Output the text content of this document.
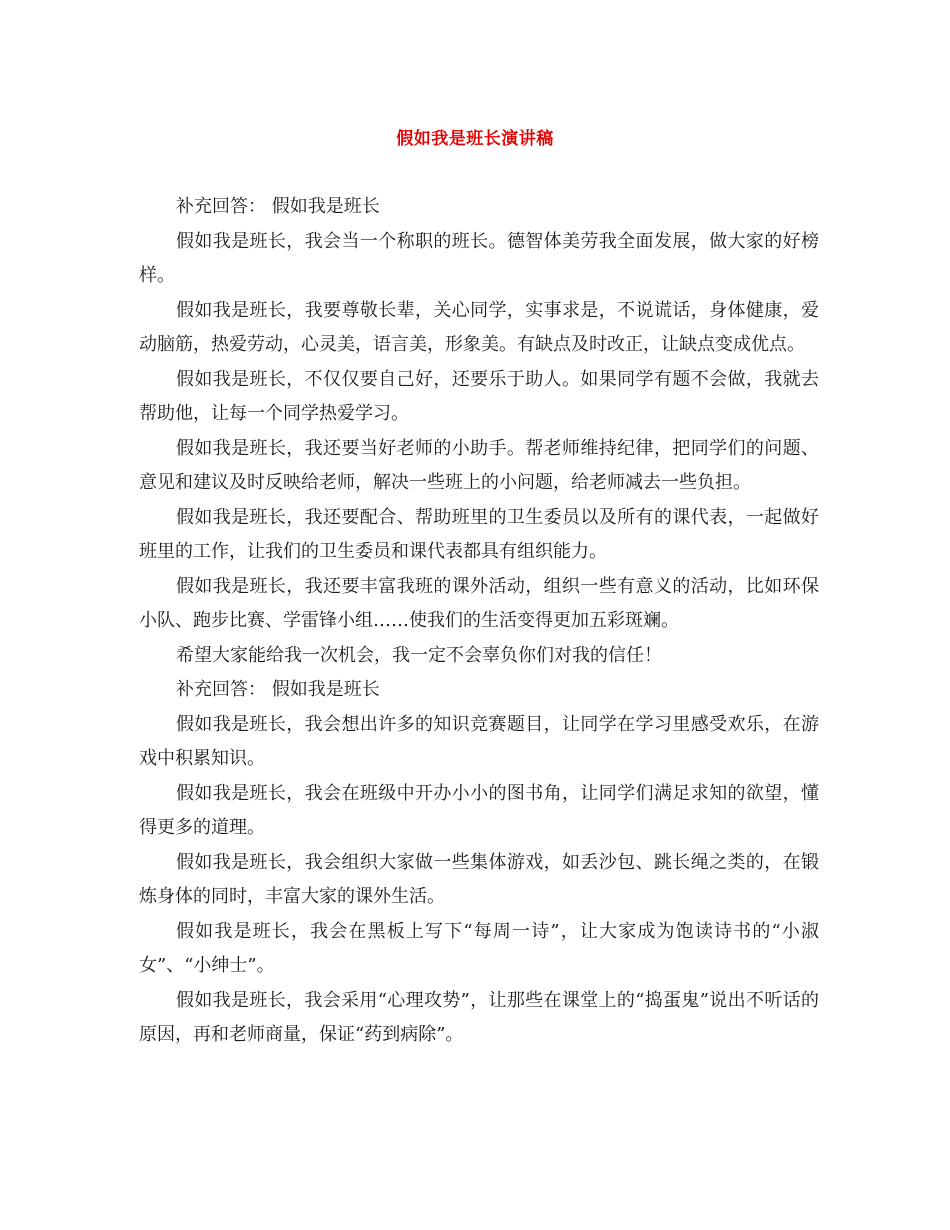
假如我是班长演讲稿

补充回答： 假如我是班长

假如我是班长，我会当一个称职的班长。德智体美劳我全面发展，做大家的好榜样。

假如我是班长，我要尊敬长辈，关心同学，实事求是，不说谎话，身体健康，爱动脑筋，热爱劳动，心灵美，语言美，形象美。有缺点及时改正，让缺点变成优点。

假如我是班长，不仅仅要自己好，还要乐于助人。如果同学有题不会做，我就去帮助他，让每一个同学热爱学习。

假如我是班长，我还要当好老师的小助手。帮老师维持纪律，把同学们的问题、意见和建议及时反映给老师，解决一些班上的小问题，给老师减去一些负担。

假如我是班长，我还要配合、帮助班里的卫生委员以及所有的课代表，一起做好班里的工作，让我们的卫生委员和课代表都具有组织能力。

假如我是班长，我还要丰富我班的课外活动，组织一些有意义的活动，比如环保小队、跑步比赛、学雷锋小组……使我们的生活变得更加五彩斑斓。

希望大家能给我一次机会，我一定不会辜负你们对我的信任！

补充回答： 假如我是班长

假如我是班长，我会想出许多的知识竞赛题目，让同学在学习里感受欢乐，在游戏中积累知识。

假如我是班长，我会在班级中开办小小的图书角，让同学们满足求知的欲望，懂得更多的道理。

假如我是班长，我会组织大家做一些集体游戏，如丢沙包、跳长绳之类的，在锻炼身体的同时，丰富大家的课外生活。

假如我是班长，我会在黑板上写下“每周一诗”，让大家成为饱读诗书的“小淑女”、“小绅士”。

假如我是班长，我会采用“心理攻势”，让那些在课堂上的“捣蛋鬼”说出不听话的原因，再和老师商量，保证“药到病除”。
